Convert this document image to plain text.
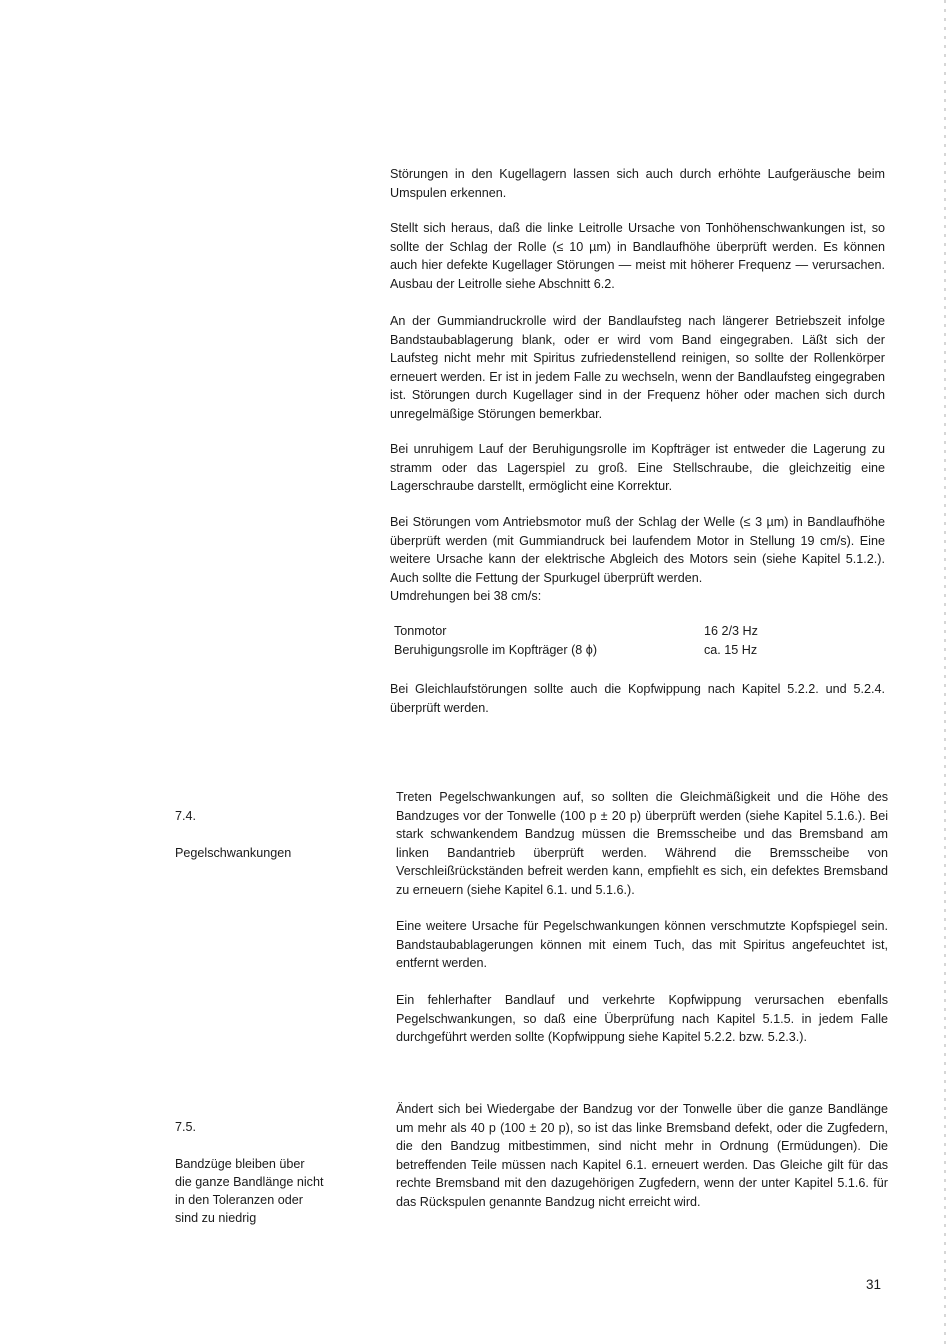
Störungen in den Kugellagern lassen sich auch durch erhöhte Laufgeräusche beim Umspulen erkennen.

Stellt sich heraus, daß die linke Leitrolle Ursache von Tonhöhenschwankungen ist, so sollte der Schlag der Rolle (≤ 10 µm) in Bandlaufhöhe überprüft werden. Es können auch hier defekte Kugellager Störungen — meist mit höherer Frequenz — verursachen. Ausbau der Leitrolle siehe Abschnitt 6.2.

An der Gummiandruckrolle wird der Bandlaufsteg nach längerer Betriebszeit infolge Bandstaubablagerung blank, oder er wird vom Band eingegraben. Läßt sich der Laufsteg nicht mehr mit Spiritus zufriedenstellend reinigen, so sollte der Rollenkörper erneuert werden. Er ist in jedem Falle zu wechseln, wenn der Bandlaufsteg eingegraben ist. Störungen durch Kugellager sind in der Frequenz höher oder machen sich durch unregelmäßige Störungen bemerkbar.

Bei unruhigem Lauf der Beruhigungsrolle im Kopfträger ist entweder die Lagerung zu stramm oder das Lagerspiel zu groß. Eine Stellschraube, die gleichzeitig eine Lagerschraube darstellt, ermöglicht eine Korrektur.

Bei Störungen vom Antriebsmotor muß der Schlag der Welle (≤ 3 µm) in Bandlaufhöhe überprüft werden (mit Gummiandruck bei laufendem Motor in Stellung 19 cm/s). Eine weitere Ursache kann der elektrische Abgleich des Motors sein (siehe Kapitel 5.1.2.). Auch sollte die Fettung der Spurkugel überprüft werden.
Umdrehungen bei 38 cm/s:

Tonmotor	16 2/3 Hz
Beruhigungsrolle im Kopfträger (8 ϕ)	ca. 15 Hz

Bei Gleichlaufstörungen sollte auch die Kopfwippung nach Kapitel 5.2.2. und 5.2.4. überprüft werden.

7.4.

Pegelschwankungen

Treten Pegelschwankungen auf, so sollten die Gleichmäßigkeit und die Höhe des Bandzuges vor der Tonwelle (100 p ± 20 p) überprüft werden (siehe Kapitel 5.1.6.). Bei stark schwankendem Bandzug müssen die Bremsscheibe und das Bremsband am linken Bandantrieb überprüft werden. Während die Bremsscheibe von Verschleißrückständen befreit werden kann, empfiehlt es sich, ein defektes Bremsband zu erneuern (siehe Kapitel 6.1. und 5.1.6.).

Eine weitere Ursache für Pegelschwankungen können verschmutzte Kopfspiegel sein. Bandstaubablagerungen können mit einem Tuch, das mit Spiritus angefeuchtet ist, entfernt werden.

Ein fehlerhafter Bandlauf und verkehrte Kopfwippung verursachen ebenfalls Pegelschwankungen, so daß eine Überprüfung nach Kapitel 5.1.5. in jedem Falle durchgeführt werden sollte (Kopfwippung siehe Kapitel 5.2.2. bzw. 5.2.3.).

7.5.

Bandzüge bleiben über
die ganze Bandlänge nicht
in den Toleranzen oder
sind zu niedrig

Ändert sich bei Wiedergabe der Bandzug vor der Tonwelle über die ganze Bandlänge um mehr als 40 p (100 ± 20 p), so ist das linke Bremsband defekt, oder die Zugfedern, die den Bandzug mitbestimmen, sind nicht mehr in Ordnung (Ermüdungen). Die betreffenden Teile müssen nach Kapitel 6.1. erneuert werden. Das Gleiche gilt für das rechte Bremsband mit den dazugehörigen Zugfedern, wenn der unter Kapitel 5.1.6. für das Rückspulen genannte Bandzug nicht erreicht wird.

31
